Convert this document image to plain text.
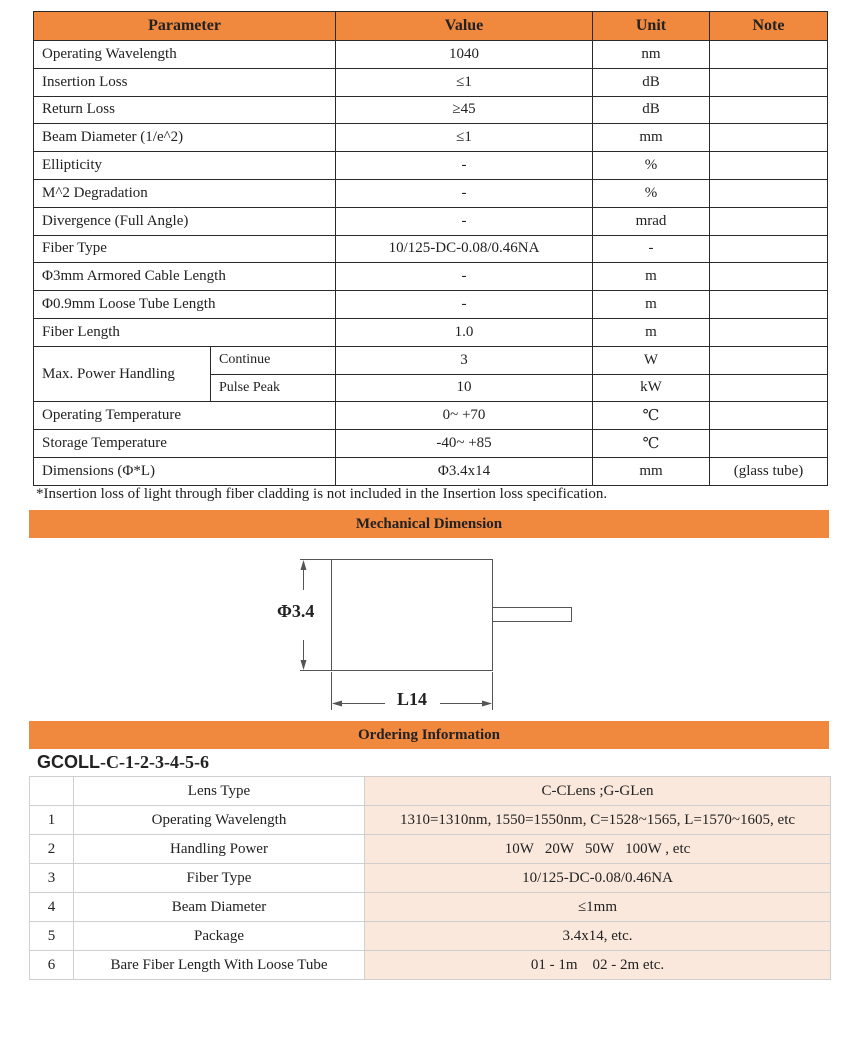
Parameter		Value	Unit	Note
Operating Wavelength		1040	nm	
Insertion Loss		≤1	dB	
Return Loss		≥45	dB	
Beam Diameter (1/e^2)		≤1	mm	
Ellipticity		-	%	
M^2 Degradation		-	%	
Divergence (Full Angle)		-	mrad	
Fiber Type		10/125-DC-0.08/0.46NA	-	
Φ3mm Armored Cable Length		-	m	
Φ0.9mm Loose Tube Length		-	m	
Fiber Length		1.0	m	
Max. Power Handling	Continue	3	W	
	Pulse Peak	10	kW	
Operating Temperature		0~ +70	℃	
Storage Temperature		-40~ +85	℃	
Dimensions (Φ*L)		Φ3.4x14	mm	(glass tube)
*Insertion loss of light through fiber cladding is not included in the Insertion loss specification.
Mechanical Dimension
Φ3.4
L14
Ordering Information
GCOLL-C-1-2-3-4-5-6
	Lens Type	C-CLens ;G-GLen
1	Operating Wavelength	1310=1310nm, 1550=1550nm, C=1528~1565, L=1570~1605, etc
2	Handling Power	10W   20W   50W   100W , etc
3	Fiber Type	10/125-DC-0.08/0.46NA
4	Beam Diameter	≤1mm
5	Package	3.4x14, etc.
6	Bare Fiber Length With Loose Tube	01 - 1m    02 - 2m etc.
